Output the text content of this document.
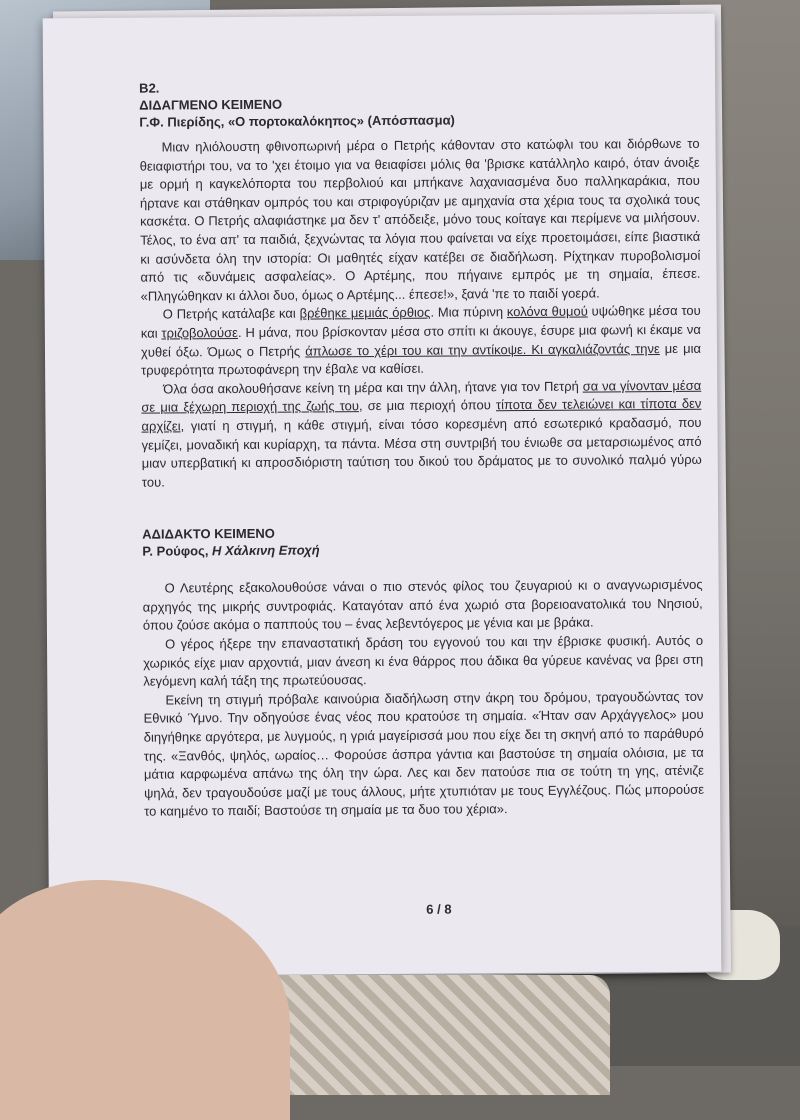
B2.
ΔΙΔΑΓΜΕΝΟ ΚΕΙΜΕΝΟ
Γ.Φ. Πιερίδης, «Ο πορτοκαλόκηπος» (Απόσπασμα)

Μιαν ηλιόλουστη φθινοπωρινή μέρα ο Πετρής κάθονταν στο κατώφλι του και διόρθωνε το θειαφιστήρι του, να το 'χει έτοιμο για να θειαφίσει μόλις θα 'βρισκε κατάλληλο καιρό, όταν άνοιξε με ορμή η καγκελόπορτα του περβολιού και μπήκανε λαχανιασμένα δυο παλληκαράκια, που ήρτανε και στάθηκαν ομπρός του και στριφογύριζαν με αμηχανία στα χέρια τους τα σχολικά τους κασκέτα. Ο Πετρής αλαφιάστηκε μα δεν τ' απόδειξε, μόνο τους κοίταγε και περίμενε να μιλήσουν. Τέλος, το ένα απ' τα παιδιά, ξεχνώντας τα λόγια που φαίνεται να είχε προετοιμάσει, είπε βιαστικά κι ασύνδετα όλη την ιστορία: Οι μαθητές είχαν κατέβει σε διαδήλωση. Ρίχτηκαν πυροβολισμοί από τις «δυνάμεις ασφαλείας». Ο Αρτέμης, που πήγαινε εμπρός με τη σημαία, έπεσε. «Πληγώθηκαν κι άλλοι δυο, όμως ο Αρτέμης... έπεσε!», ξανά 'πε το παιδί γοερά.

Ο Πετρής κατάλαβε και βρέθηκε μεμιάς όρθιος. Μια πύρινη κολόνα θυμού υψώθηκε μέσα του και τριζοβολούσε. Η μάνα, που βρίσκονταν μέσα στο σπίτι κι άκουγε, έσυρε μια φωνή κι έκαμε να χυθεί όξω. Όμως ο Πετρής άπλωσε το χέρι του και την αντίκοψε. Κι αγκαλιάζοντάς τηνε με μια τρυφερότητα πρωτοφάνερη την έβαλε να καθίσει.

Όλα όσα ακολουθήσανε κείνη τη μέρα και την άλλη, ήτανε για τον Πετρή σα να γίνονταν μέσα σε μια ξέχωρη περιοχή της ζωής του, σε μια περιοχή όπου τίποτα δεν τελειώνει και τίποτα δεν αρχίζει, γιατί η στιγμή, η κάθε στιγμή, είναι τόσο κορεσμένη από εσωτερικό κραδασμό, που γεμίζει, μοναδική και κυρίαρχη, τα πάντα. Μέσα στη συντριβή του ένιωθε σα μεταρσιωμένος από μιαν υπερβατική κι απροσδιόριστη ταύτιση του δικού του δράματος με το συνολικό παλμό γύρω του.

ΑΔΙΔΑΚΤΟ ΚΕΙΜΕΝΟ
Ρ. Ρούφος, Η Χάλκινη Εποχή

Ο Λευτέρης εξακολουθούσε νάναι ο πιο στενός φίλος του ζευγαριού κι ο αναγνωρισμένος αρχηγός της μικρής συντροφιάς. Καταγόταν από ένα χωριό στα βορειοανατολικά του Νησιού, όπου ζούσε ακόμα ο παππούς του – ένας λεβεντόγερος με γένια και με βράκα.

Ο γέρος ήξερε την επαναστατική δράση του εγγονού του και την έβρισκε φυσική. Αυτός ο χωρικός είχε μιαν αρχοντιά, μιαν άνεση κι ένα θάρρος που άδικα θα γύρευε κανένας να βρει στη λεγόμενη καλή τάξη της πρωτεύουσας.

Εκείνη τη στιγμή πρόβαλε καινούρια διαδήλωση στην άκρη του δρόμου, τραγουδώντας τον Εθνικό Ύμνο. Την οδηγούσε ένας νέος που κρατούσε τη σημαία. «Ήταν σαν Αρχάγγελος» μου διηγήθηκε αργότερα, με λυγμούς, η γριά μαγείρισσά μου που είχε δει τη σκηνή από το παράθυρό της. «Ξανθός, ψηλός, ωραίος… Φορούσε άσπρα γάντια και βαστούσε τη σημαία ολόισια, με τα μάτια καρφωμένα απάνω της όλη την ώρα. Λες και δεν πατούσε πια σε τούτη τη γης, ατένιζε ψηλά, δεν τραγουδούσε μαζί με τους άλλους, μήτε χτυπιόταν με τους Εγγλέζους. Πώς μπορούσε το καημένο το παιδί; Βαστούσε τη σημαία με τα δυο του χέρια».

6 / 8
